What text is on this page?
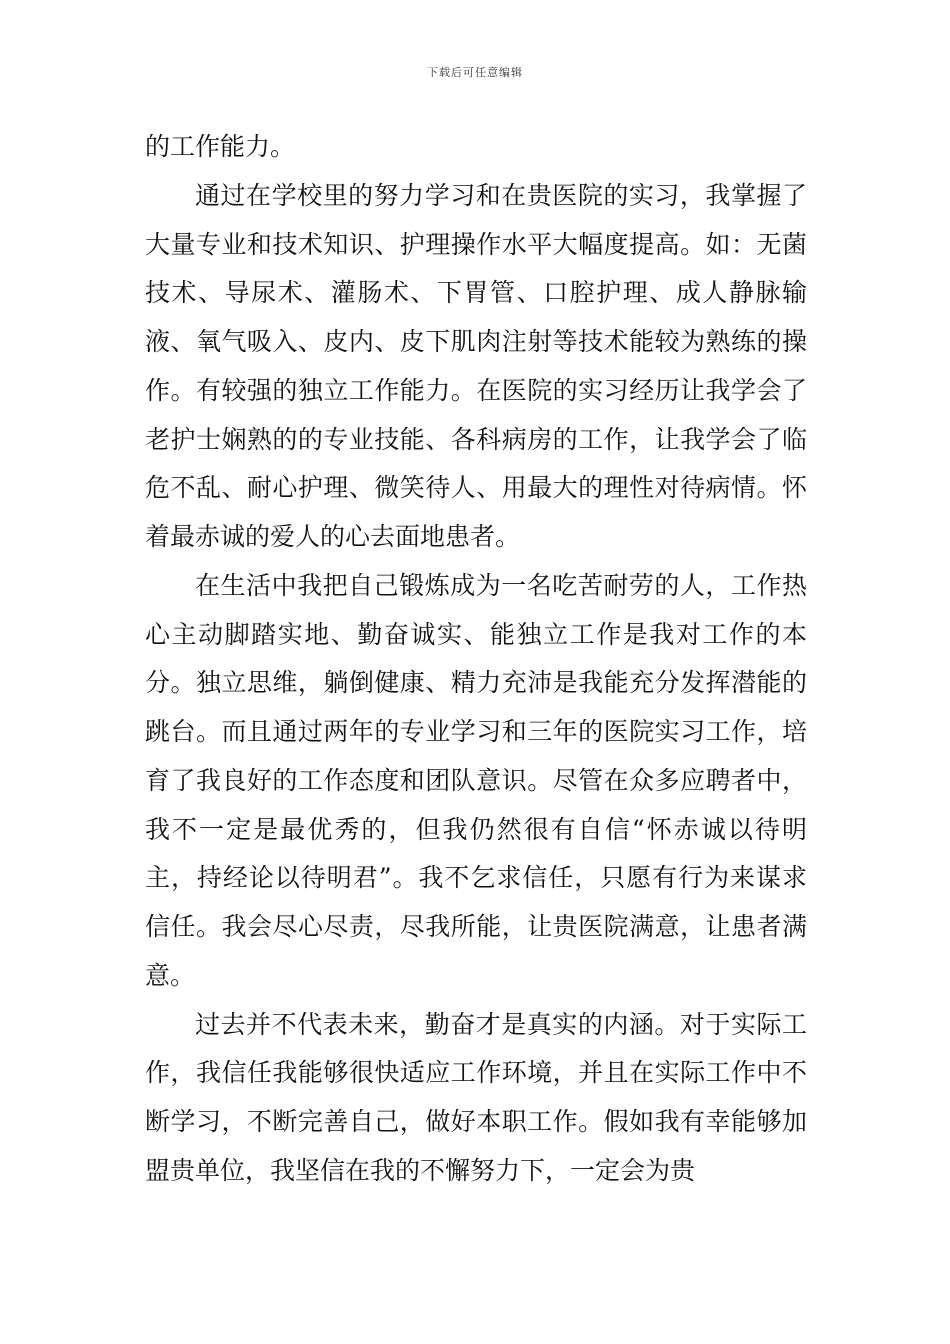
下载后可任意编辑

的工作能力。

通过在学校里的努力学习和在贵医院的实习，我掌握了大量专业和技术知识、护理操作水平大幅度提高。如：无菌技术、导尿术、灌肠术、下胃管、口腔护理、成人静脉输液、氧气吸入、皮内、皮下肌肉注射等技术能较为熟练的操作。有较强的独立工作能力。在医院的实习经历让我学会了老护士娴熟的的专业技能、各科病房的工作，让我学会了临危不乱、耐心护理、微笑待人、用最大的理性对待病情。怀着最赤诚的爱人的心去面地患者。

在生活中我把自己锻炼成为一名吃苦耐劳的人，工作热心主动脚踏实地、勤奋诚实、能独立工作是我对工作的本分。独立思维，躺倒健康、精力充沛是我能充分发挥潜能的跳台。而且通过两年的专业学习和三年的医院实习工作，培育了我良好的工作态度和团队意识。尽管在众多应聘者中，我不一定是最优秀的，但我仍然很有自信“怀赤诚以待明主，持经论以待明君”。我不乞求信任，只愿有行为来谋求信任。我会尽心尽责，尽我所能，让贵医院满意，让患者满意。

过去并不代表未来，勤奋才是真实的内涵。对于实际工作，我信任我能够很快适应工作环境，并且在实际工作中不断学习，不断完善自己，做好本职工作。假如我有幸能够加盟贵单位，我坚信在我的不懈努力下，一定会为贵
